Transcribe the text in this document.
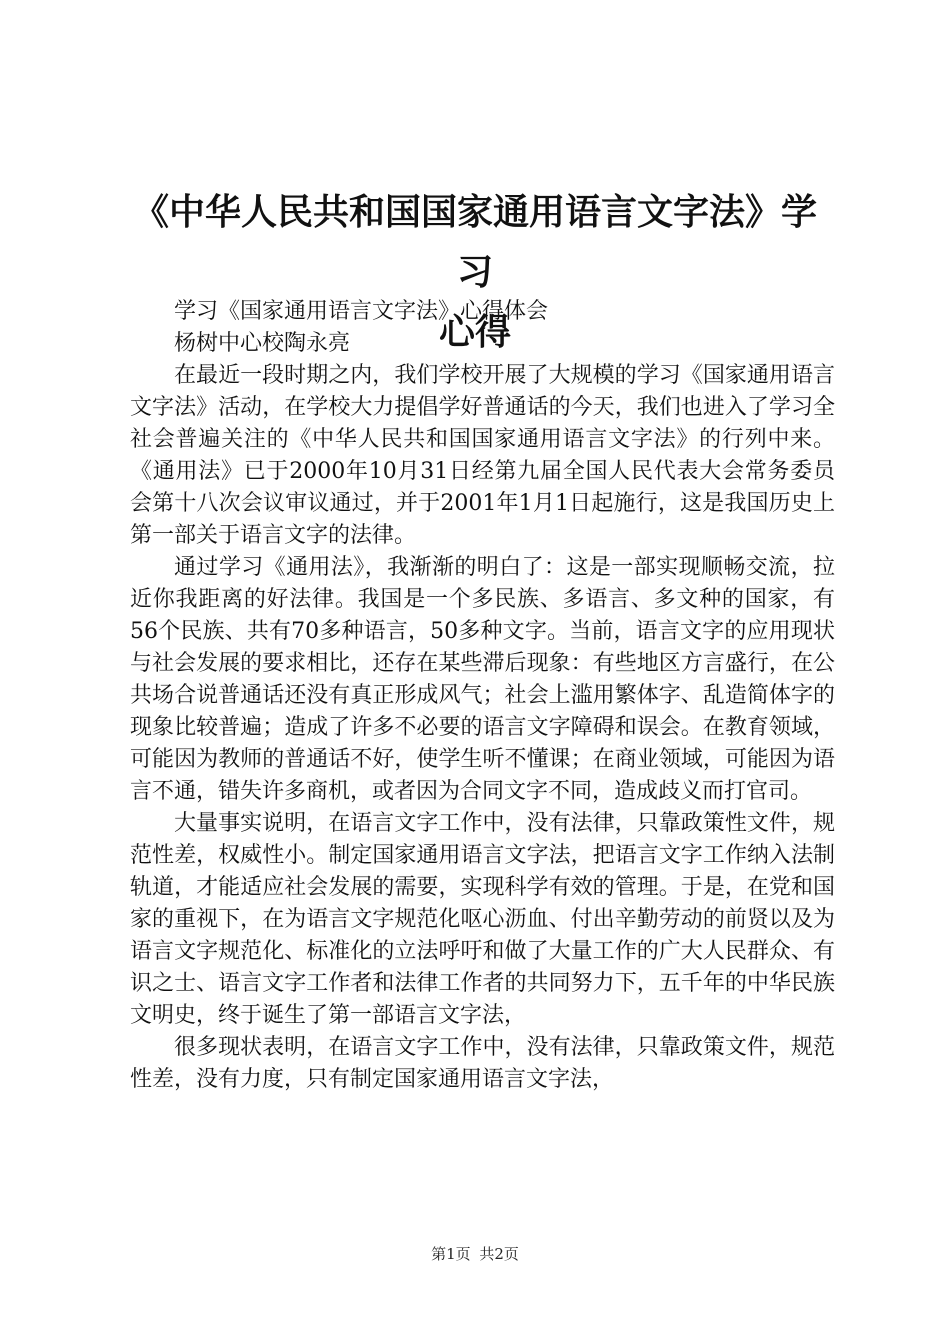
《中华人民共和国国家通用语言文字法》学习
心得

学习《国家通用语言文字法》心得体会

杨树中心校陶永亮

在最近一段时期之内，我们学校开展了大规模的学习《国家通用语言文字法》活动，在学校大力提倡学好普通话的今天，我们也进入了学习全社会普遍关注的《中华人民共和国国家通用语言文字法》的行列中来。《通用法》已于2000年10月31日经第九届全国人民代表大会常务委员会第十八次会议审议通过，并于2001年1月1日起施行，这是我国历史上第一部关于语言文字的法律。

通过学习《通用法》，我渐渐的明白了：这是一部实现顺畅交流，拉近你我距离的好法律。我国是一个多民族、多语言、多文种的国家，有56个民族、共有70多种语言，50多种文字。当前，语言文字的应用现状与社会发展的要求相比，还存在某些滞后现象：有些地区方言盛行，在公共场合说普通话还没有真正形成风气；社会上滥用繁体字、乱造简体字的现象比较普遍；造成了许多不必要的语言文字障碍和误会。在教育领域，可能因为教师的普通话不好，使学生听不懂课；在商业领域，可能因为语言不通，错失许多商机，或者因为合同文字不同，造成歧义而打官司。

大量事实说明，在语言文字工作中，没有法律，只靠政策性文件，规范性差，权威性小。制定国家通用语言文字法，把语言文字工作纳入法制轨道，才能适应社会发展的需要，实现科学有效的管理。于是，在党和国家的重视下，在为语言文字规范化呕心沥血、付出辛勤劳动的前贤以及为语言文字规范化、标准化的立法呼吁和做了大量工作的广大人民群众、有识之士、语言文字工作者和法律工作者的共同努力下，五千年的中华民族文明史，终于诞生了第一部语言文字法，

很多现状表明，在语言文字工作中，没有法律，只靠政策文件，规范性差，没有力度，只有制定国家通用语言文字法，

第1页 共2页
